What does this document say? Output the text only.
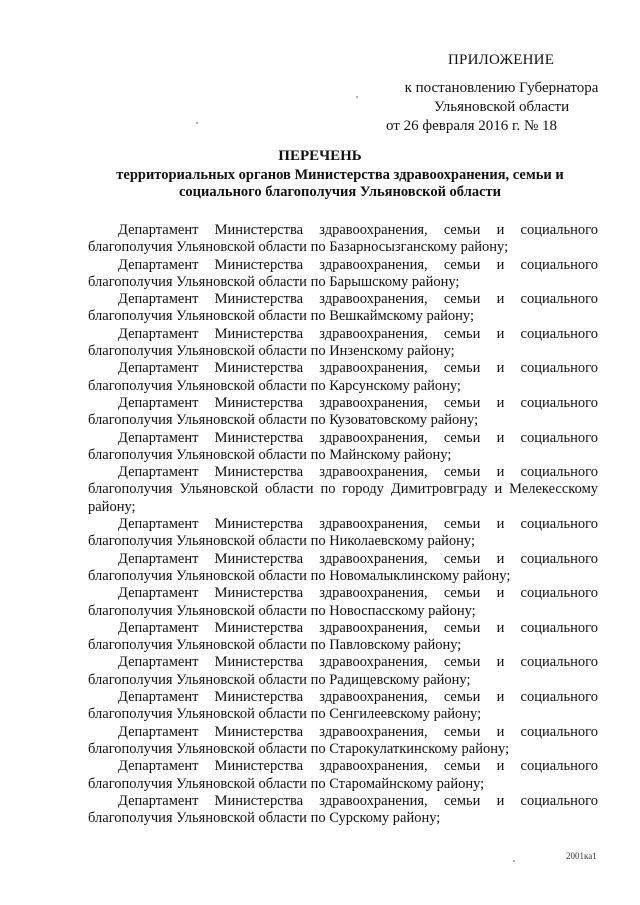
ПРИЛОЖЕНИЕ
к постановлению Губернатора Ульяновской области
от 26 февраля 2016 г. № 18
ПЕРЕЧЕНЬ
территориальных органов Министерства здравоохранения, семьи и социального благополучия Ульяновской области

Департамент Министерства здравоохранения, семьи и социального благополучия Ульяновской области по Базарносызганскому району;

Департамент Министерства здравоохранения, семьи и социального благополучия Ульяновской области по Барышскому району;

Департамент Министерства здравоохранения, семьи и социального благополучия Ульяновской области по Вешкаймскому району;

Департамент Министерства здравоохранения, семьи и социального благополучия Ульяновской области по Инзенскому району;

Департамент Министерства здравоохранения, семьи и социального благополучия Ульяновской области по Карсунскому району;

Департамент Министерства здравоохранения, семьи и социального благополучия Ульяновской области по Кузоватовскому району;

Департамент Министерства здравоохранения, семьи и социального благополучия Ульяновской области по Майнскому району;

Департамент Министерства здравоохранения, семьи и социального благополучия Ульяновской области по городу Димитровграду и Мелекесскому району;

Департамент Министерства здравоохранения, семьи и социального благополучия Ульяновской области по Николаевскому району;

Департамент Министерства здравоохранения, семьи и социального благополучия Ульяновской области по Новомалыклинскому району;

Департамент Министерства здравоохранения, семьи и социального благополучия Ульяновской области по Новоспасскому району;

Департамент Министерства здравоохранения, семьи и социального благополучия Ульяновской области по Павловскому району;

Департамент Министерства здравоохранения, семьи и социального благополучия Ульяновской области по Радищевскому району;

Департамент Министерства здравоохранения, семьи и социального благополучия Ульяновской области по Сенгилеевскому району;

Департамент Министерства здравоохранения, семьи и социального благополучия Ульяновской области по Старокулаткинскому району;

Департамент Министерства здравоохранения, семьи и социального благополучия Ульяновской области по Старомайнскому району;

Департамент Министерства здравоохранения, семьи и социального благополучия Ульяновской области по Сурскому району;

2001ка1
